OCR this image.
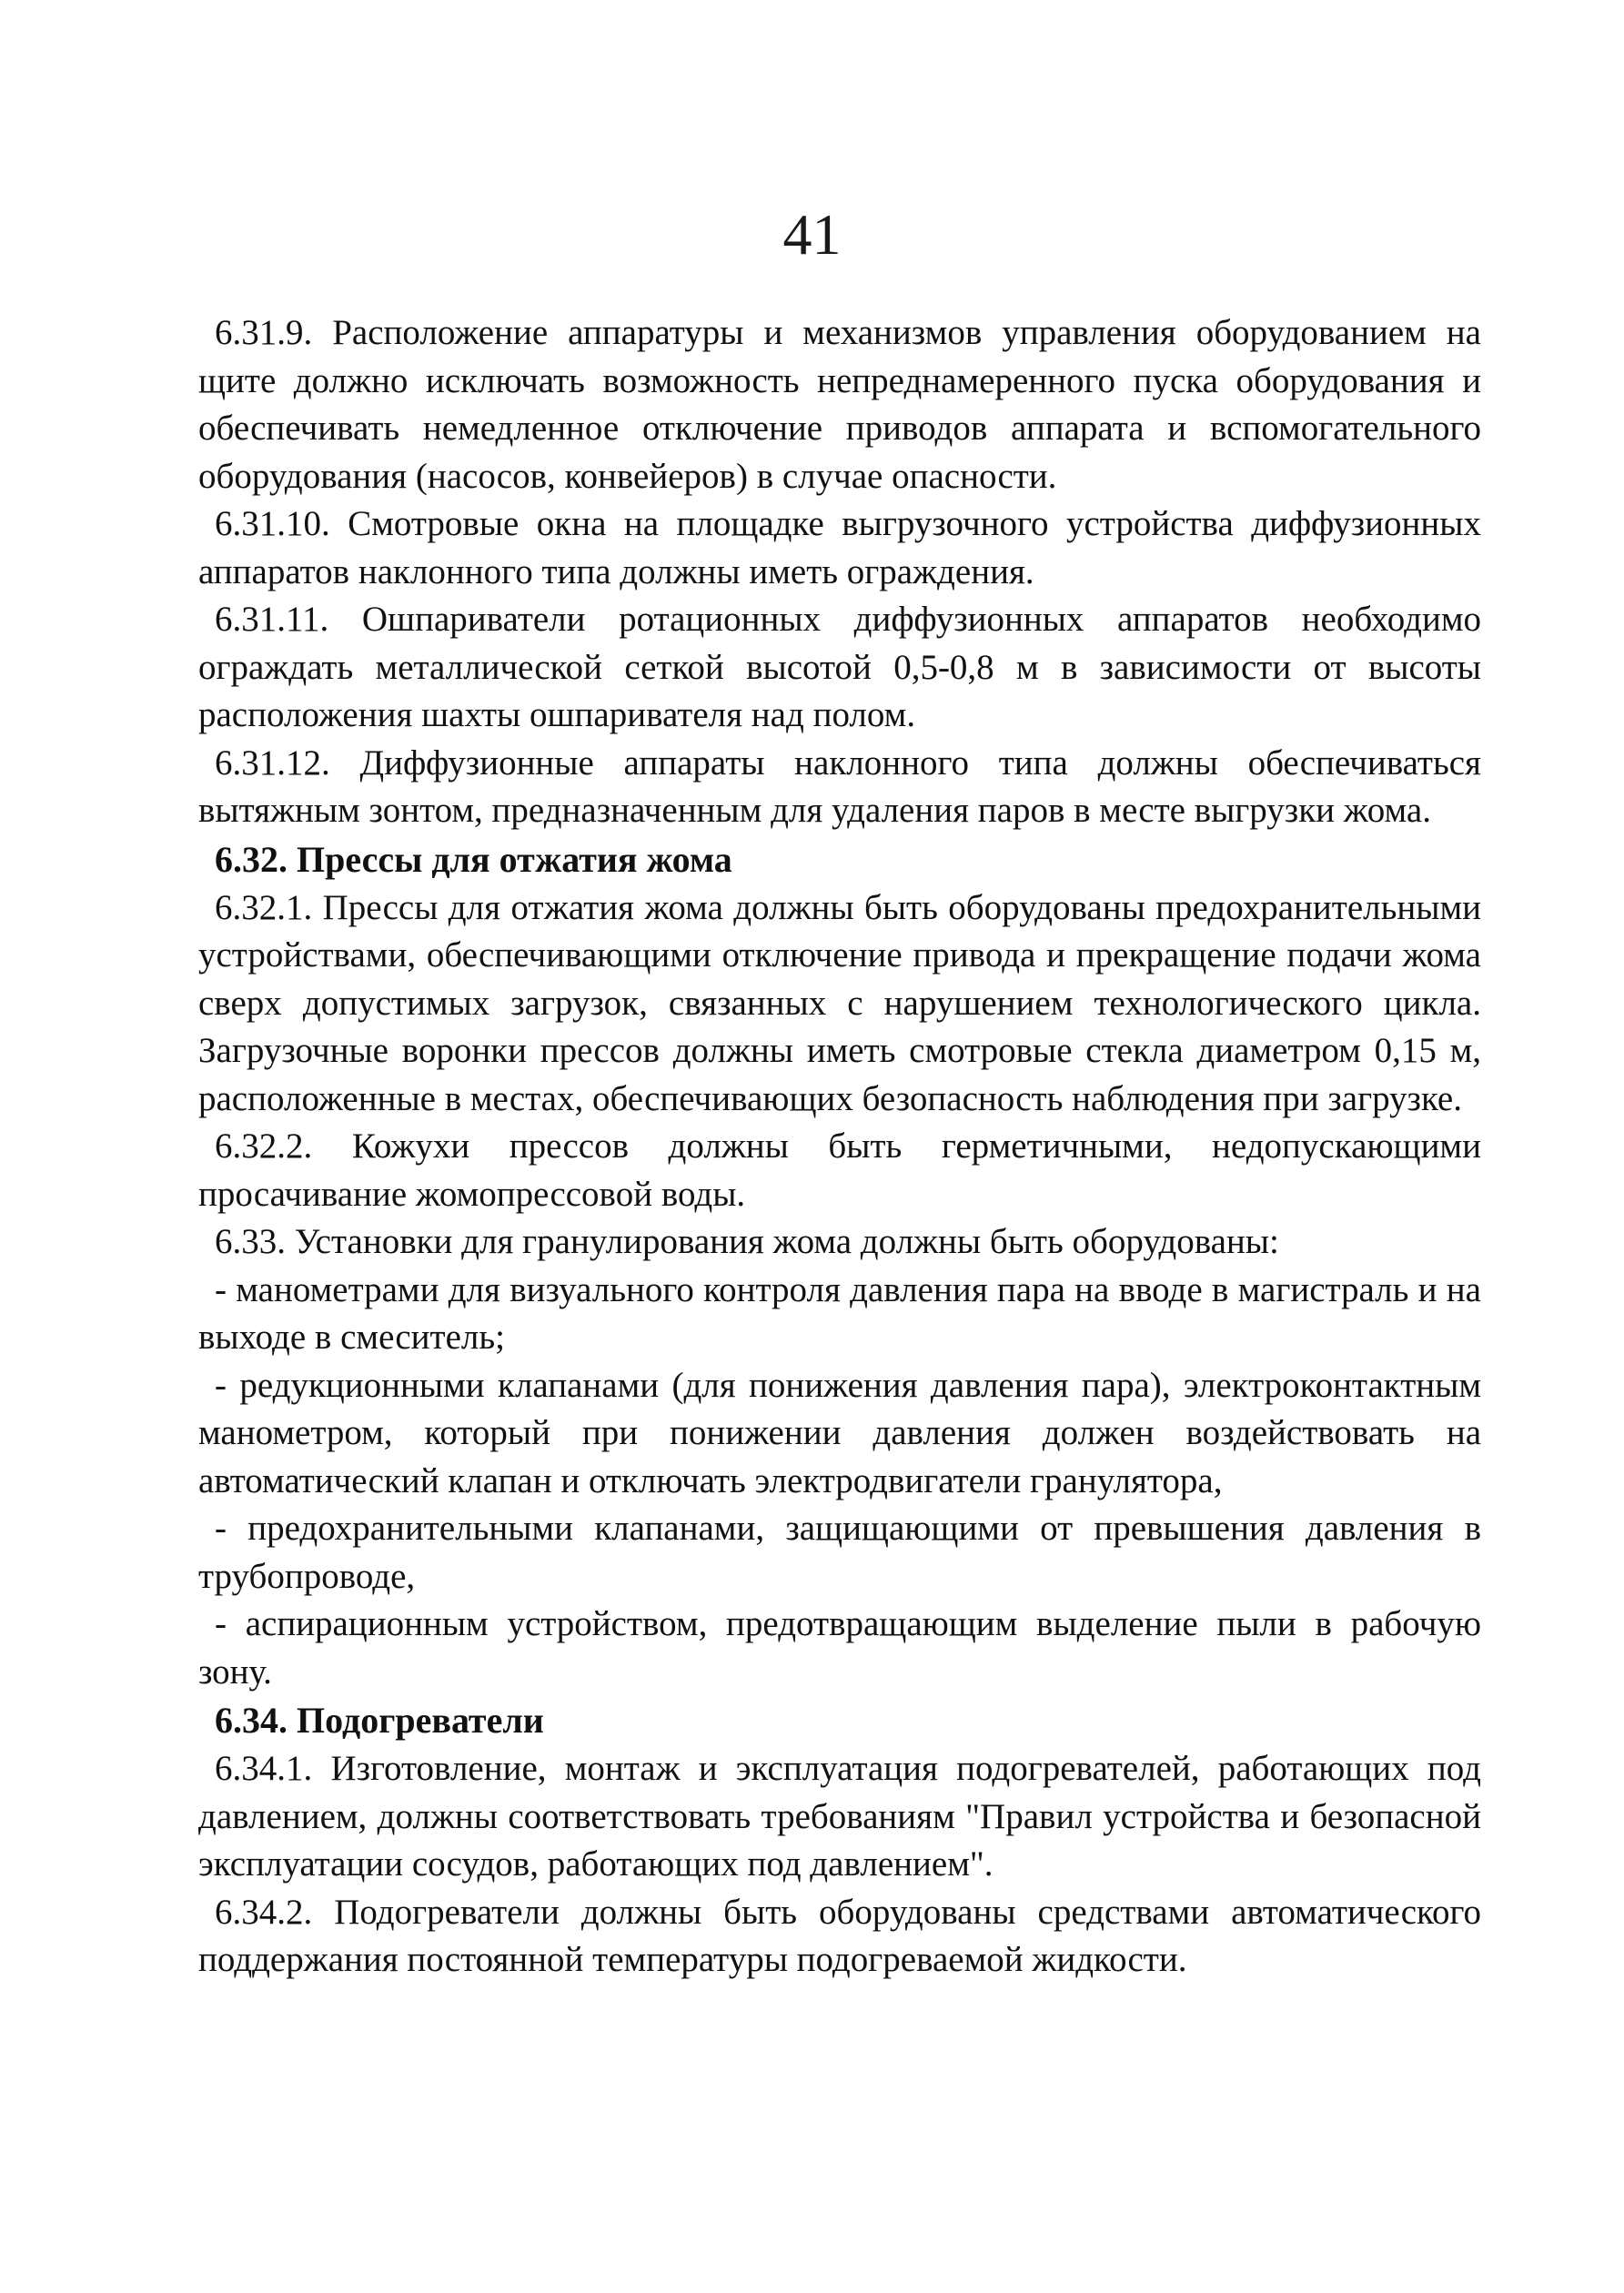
41

6.31.9. Расположение аппаратуры и механизмов управления оборудованием на щите должно исключать возможность непреднамеренного пуска оборудования и обеспечивать немедленное отключение приводов аппарата и вспомогательного оборудования (насосов, конвейеров) в случае опасности.

6.31.10. Смотровые окна на площадке выгрузочного устройства диффузионных аппаратов наклонного типа должны иметь ограждения.

6.31.11. Ошпариватели ротационных диффузионных аппаратов необходимо ограждать металлической сеткой высотой 0,5-0,8 м в зависимости от высоты расположения шахты ошпаривателя над полом.

6.31.12. Диффузионные аппараты наклонного типа должны обеспечиваться вытяжным зонтом, предназначенным для удаления паров в месте выгрузки жома.

6.32. Прессы для отжатия жома

6.32.1. Прессы для отжатия жома должны быть оборудованы предохранительными устройствами, обеспечивающими отключение привода и прекращение подачи жома сверх допустимых загрузок, связанных с нарушением технологического цикла. Загрузочные воронки прессов должны иметь смотровые стекла диаметром 0,15 м, расположенные в местах, обеспечивающих безопасность наблюдения при загрузке.

6.32.2. Кожухи прессов должны быть герметичными, недопускающими просачивание жомопрессовой воды.

6.33. Установки для гранулирования жома должны быть оборудованы:

- манометрами для визуального контроля давления пара на вводе в магистраль и на выходе в смеситель;

- редукционными клапанами (для понижения давления пара), электроконтактным манометром, который при понижении давления должен воздействовать на автоматический клапан и отключать электродвигатели гранулятора,

- предохранительными клапанами, защищающими от превышения давления в трубопроводе,

- аспирационным устройством, предотвращающим выделение пыли в рабочую зону.

6.34. Подогреватели

6.34.1. Изготовление, монтаж и эксплуатация подогревателей, работающих под давлением, должны соответствовать требованиям "Правил устройства и безопасной эксплуатации сосудов, работающих под давлением".

6.34.2. Подогреватели должны быть оборудованы средствами автоматического поддержания постоянной температуры подогреваемой жидкости.
